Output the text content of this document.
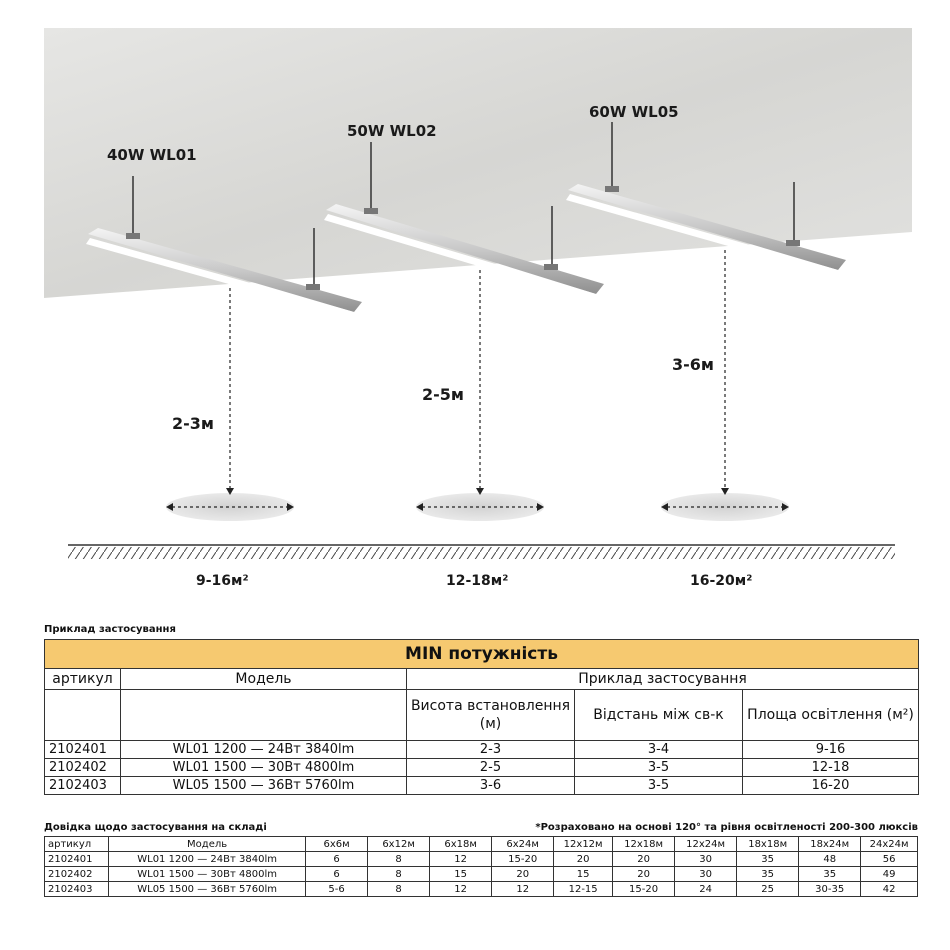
40W WL01
50W WL02
60W WL05
2-3м
2-5м
3-6м
9-16м²	12-18м²	16-20м²
Приклад застосування
MIN потужність				
артикул	Модель	Приклад застосування		
		Висота встановлення (м)	Відстань між св-к	Площа освітлення (м²)
2102401	WL01 1200 — 24Вт 3840lm	2-3	3-4	9-16
2102402	WL01 1500 — 30Вт 4800lm	2-5	3-5	12-18
2102403	WL05 1500 — 36Вт 5760lm	3-6	3-5	16-20
Довідка щодо застосування на складі	*Розраховано на основі 120° та рівня освітленості 200-300 люксів
артикул	Модель	6х6м	6х12м	6х18м	6х24м	12х12м	12х18м	12х24м	18х18м	18х24м	24х24м
2102401	WL01 1200 — 24Вт 3840lm	6	8	12	15-20	20	20	30	35	48	56
2102402	WL01 1500 — 30Вт 4800lm	6	8	15	20	15	20	30	35	35	49
2102403	WL05 1500 — 36Вт 5760lm	5-6	8	12	12	12-15	15-20	24	25	30-35	42
